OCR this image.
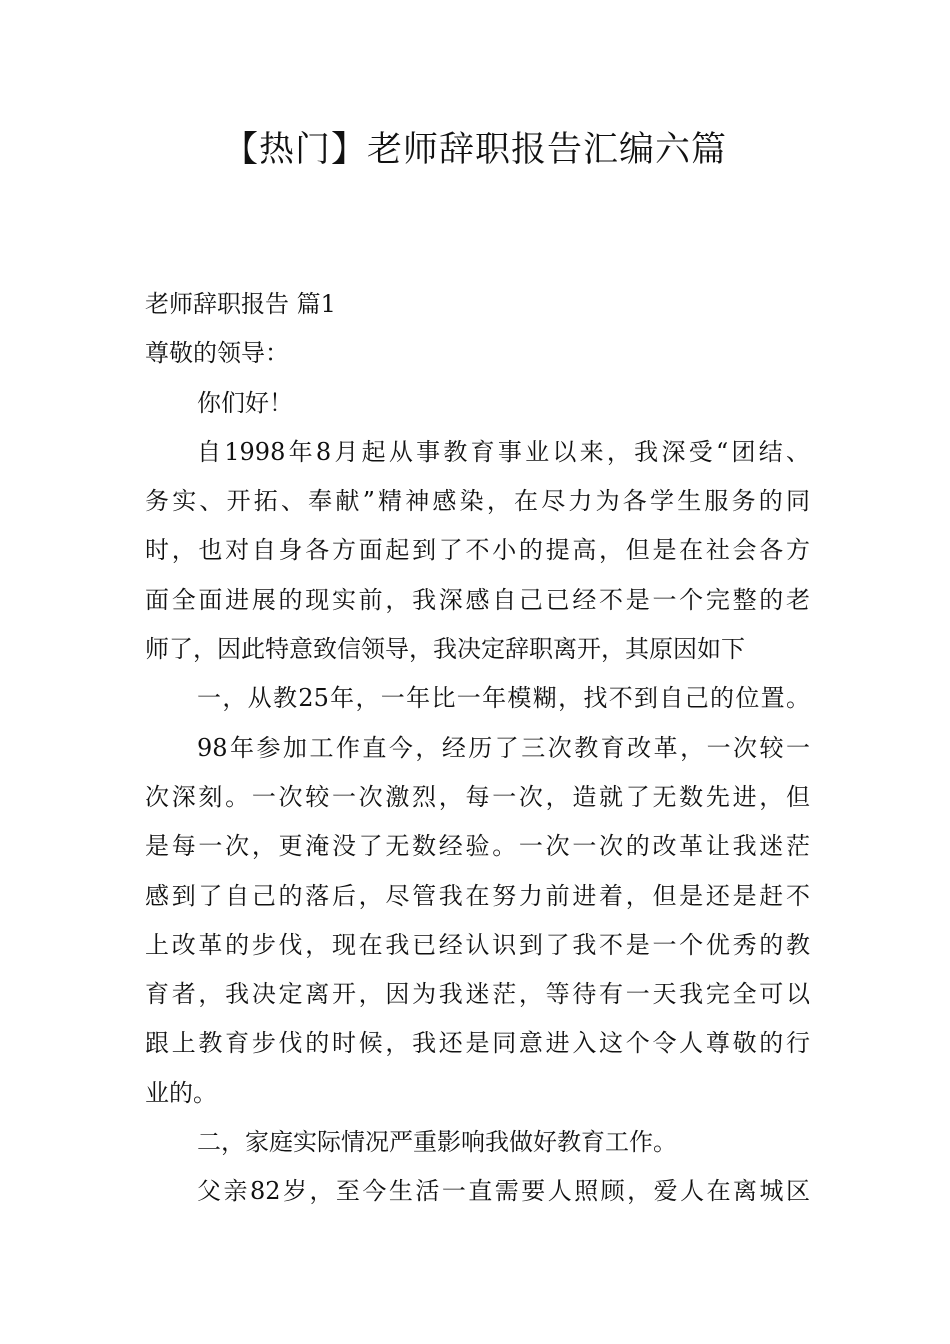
【热门】老师辞职报告汇编六篇
老师辞职报告 篇1
尊敬的领导：
你们好！
自1998年8月起从事教育事业以来，我深受“团结、
务实、开拓、奉献”精神感染，在尽力为各学生服务的同
时，也对自身各方面起到了不小的提高，但是在社会各方
面全面进展的现实前，我深感自己已经不是一个完整的老
师了，因此特意致信领导，我决定辞职离开，其原因如下
一，从教25年，一年比一年模糊，找不到自己的位置。
98年参加工作直今，经历了三次教育改革，一次较一
次深刻。一次较一次激烈，每一次，造就了无数先进，但
是每一次，更淹没了无数经验。一次一次的改革让我迷茫
感到了自己的落后，尽管我在努力前进着，但是还是赶不
上改革的步伐，现在我已经认识到了我不是一个优秀的教
育者，我决定离开，因为我迷茫，等待有一天我完全可以
跟上教育步伐的时候，我还是同意进入这个令人尊敬的行
业的。
二，家庭实际情况严重影响我做好教育工作。
父亲82岁，至今生活一直需要人照顾，爱人在离城区
